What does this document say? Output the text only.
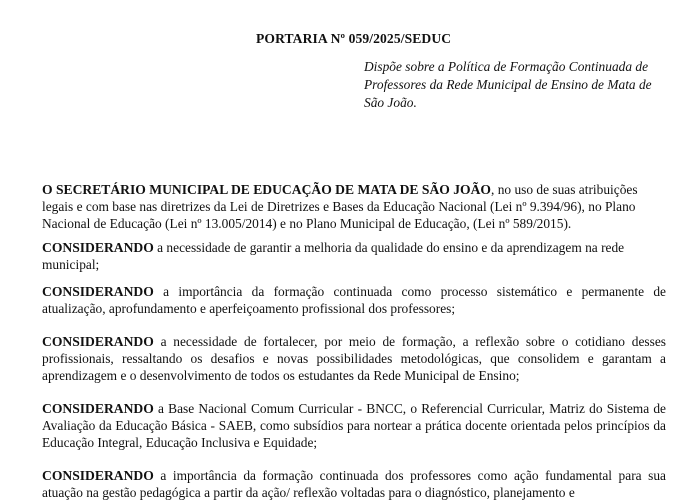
PORTARIA Nº 059/2025/SEDUC
Dispõe sobre a Política de Formação Continuada de Professores da Rede Municipal de Ensino de Mata de São João.

O SECRETÁRIO MUNICIPAL DE EDUCAÇÃO DE MATA DE SÃO JOÃO, no uso de suas atribuições legais e com base nas diretrizes da Lei de Diretrizes e Bases da Educação Nacional (Lei nº 9.394/96), no Plano Nacional de Educação (Lei nº 13.005/2014) e no Plano Municipal de Educação, (Lei nº 589/2015).

CONSIDERANDO a necessidade de garantir a melhoria da qualidade do ensino e da aprendizagem na rede municipal;

CONSIDERANDO a importância da formação continuada como processo sistemático e permanente de atualização, aprofundamento e aperfeiçoamento profissional dos professores;

CONSIDERANDO a necessidade de fortalecer, por meio de formação, a reflexão sobre o cotidiano desses profissionais, ressaltando os desafios e novas possibilidades metodológicas, que consolidem e garantam a aprendizagem e o desenvolvimento de todos os estudantes da Rede Municipal de Ensino;

CONSIDERANDO a Base Nacional Comum Curricular - BNCC, o Referencial Curricular, Matriz do Sistema de Avaliação da Educação Básica - SAEB, como subsídios para nortear a prática docente orientada pelos princípios da Educação Integral, Educação Inclusiva e Equidade;

CONSIDERANDO a importância da formação continuada dos professores como ação fundamental para sua atuação na gestão pedagógica a partir da ação/ reflexão voltadas para o diagnóstico, planejamento e
